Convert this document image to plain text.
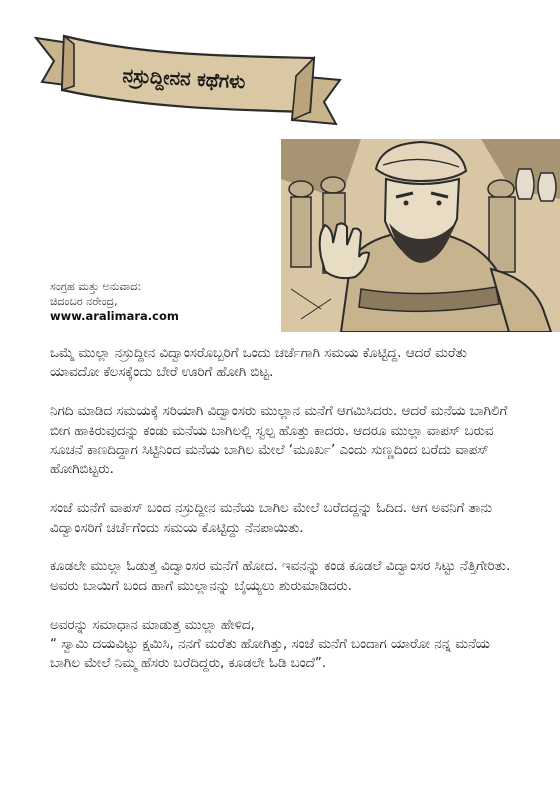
ನಸ್ರುದ್ದೀನನ ಕಥೆಗಳು
ಸಂಗ್ರಹ ಮತ್ತು ಅನುವಾದ:
ಚಿದಂಬರ ನರೇಂದ್ರ,
www.aralimara.com

ಒಮ್ಮೆ ಮುಲ್ಲಾ ನಸ್ರುದ್ದೀನ ವಿದ್ವಾಂಸರೊಬ್ಬರಿಗೆ ಒಂದು ಚರ್ಚೆಗಾಗಿ ಸಮಯ ಕೊಟ್ಟಿದ್ದ. ಆದರೆ ಮರೆತು ಯಾವದೋ ಕೆಲಸಕ್ಕೆಂದು ಬೇರೆ ಊರಿಗೆ ಹೋಗಿ ಬಿಟ್ಟ.

ನಿಗದಿ ಮಾಡಿದ ಸಮಯಕ್ಕೆ ಸರಿಯಾಗಿ ವಿದ್ವಾಂಸರು ಮುಲ್ಲಾನ ಮನೆಗೆ ಆಗಮಿಸಿದರು. ಆದರೆ ಮನೆಯ ಬಾಗಿಲಿಗೆ ಬೀಗ ಹಾಕಿರುವುದನ್ನು ಕಂಡು ಮನೆಯ ಬಾಗಿಲಲ್ಲಿ ಸ್ವಲ್ಪ ಹೊತ್ತು ಕಾದರು. ಆದರೂ ಮುಲ್ಲಾ ವಾಪಸ್ ಬರುವ ಸೂಚನೆ ಕಾಣದಿದ್ದಾಗ ಸಿಟ್ಟಿನಿಂದ ಮನೆಯ ಬಾಗಿಲ ಮೇಲೆ ‘ಮೂರ್ಖ’ ಎಂದು ಸುಣ್ಣದಿಂದ ಬರೆದು ವಾಪಸ್ ಹೋಗಿಬಿಟ್ಟರು.

ಸಂಜೆ ಮನೆಗೆ ವಾಪಸ್ ಬಂದ ನಸ್ರುದ್ದೀನ ಮನೆಯ ಬಾಗಿಲ ಮೇಲೆ ಬರೆದದ್ದನ್ನು ಓದಿದ. ಆಗ ಅವನಿಗೆ ತಾನು ವಿದ್ವಾಂಸರಿಗೆ ಚರ್ಚೆಗೆಂದು ಸಮಯ ಕೊಟ್ಟಿದ್ದು ನೆನಪಾಯಿತು.

ಕೂಡಲೇ ಮುಲ್ಲಾ ಓಡುತ್ತ ವಿದ್ವಾಂಸರ ಮನೆಗೆ ಹೋದ. ಇವನನ್ನು ಕಂಡ ಕೂಡಲೆ ವಿದ್ವಾಂಸರ ಸಿಟ್ಟು ನೆತ್ತಿಗೇರಿತು. ಅವರು ಬಾಯಿಗೆ ಬಂದ ಹಾಗೆ ಮುಲ್ಲಾನನ್ನು ಬೈಯ್ಯಲು ಶುರುಮಾಡಿದರು.

ಅವರನ್ನು ಸಮಾಧಾನ ಮಾಡುತ್ತ ಮುಲ್ಲಾ ಹೇಳಿದ,
“ ಸ್ವಾಮಿ ದಯವಿಟ್ಟು ಕ್ಷಮಿಸಿ, ನನಗೆ ಮರೆತು ಹೋಗಿತ್ತು, ಸಂಜೆ ಮನೆಗೆ ಬಂದಾಗ ಯಾರೋ ನನ್ನ ಮನೆಯ ಬಾಗಿಲ ಮೇಲೆ ನಿಮ್ಮ ಹೆಸರು ಬರೆದಿದ್ದರು, ಕೂಡಲೇ ಓಡಿ ಬಂದೆ”.
